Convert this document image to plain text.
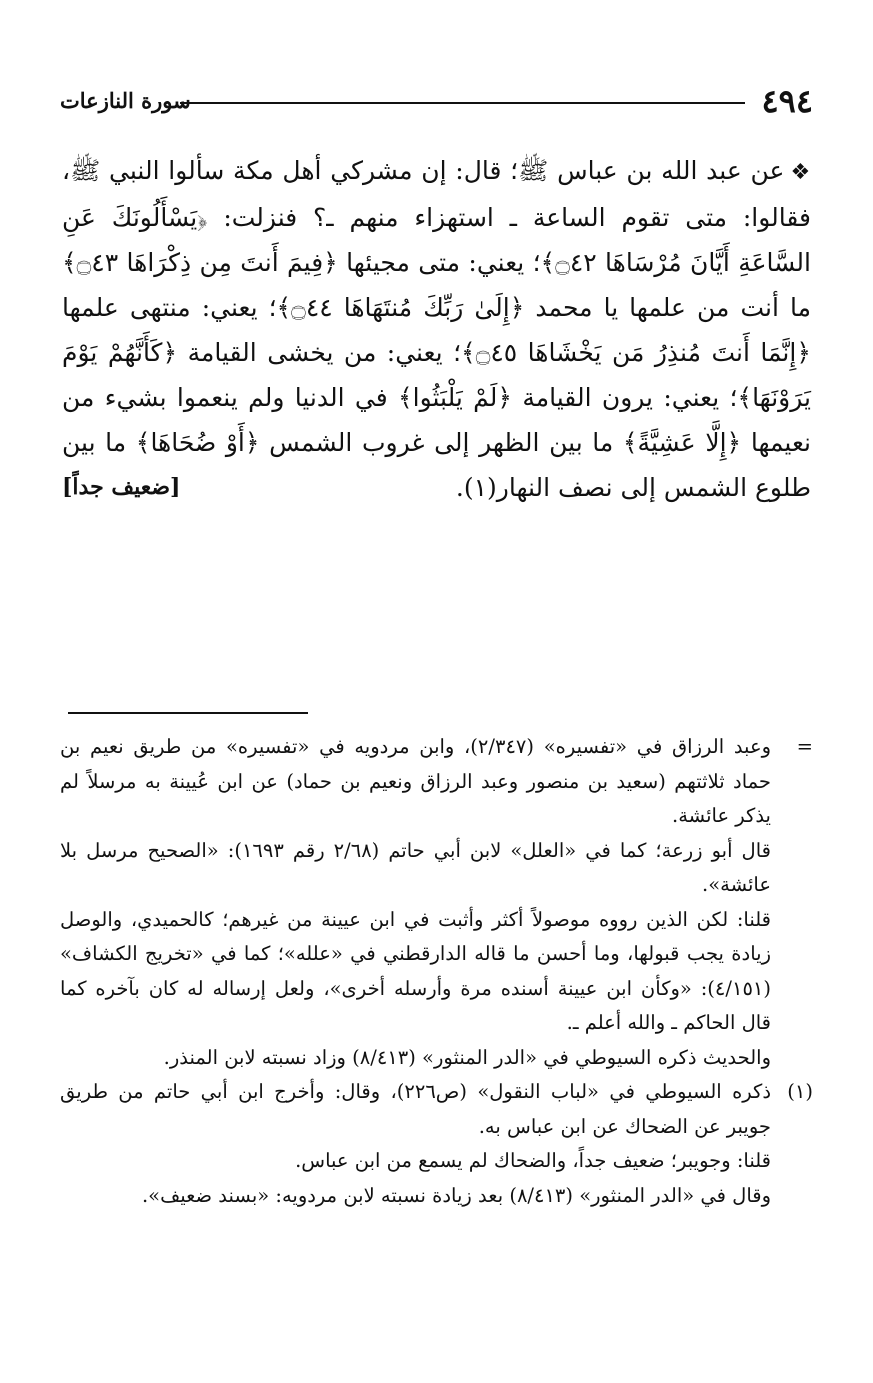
٤٩٤
سورة النازعات
❖عن عبد الله بن عباس ﷺ؛ قال: إن مشركي أهل مكة سألوا النبي ﷺ، فقالوا: متى تقوم الساعة ـ استهزاء منهم ـ؟ فنزلت: ﴿يَسْأَلُونَكَ عَنِ السَّاعَةِ أَيَّانَ مُرْسَاهَا ۝٤٢﴾؛ يعني: متى مجيئها ﴿فِيمَ أَنتَ مِن ذِكْرَاهَا ۝٤٣﴾ ما أنت من علمها يا محمد ﴿إِلَىٰ رَبِّكَ مُنتَهَاهَا ۝٤٤﴾؛ يعني: منتهى علمها ﴿إِنَّمَا أَنتَ مُنذِرُ مَن يَخْشَاهَا ۝٤٥﴾؛ يعني: من يخشى القيامة ﴿كَأَنَّهُمْ يَوْمَ يَرَوْنَهَا﴾؛ يعني: يرون القيامة ﴿لَمْ يَلْبَثُوا﴾ في الدنيا ولم ينعموا بشيء من نعيمها ﴿إِلَّا عَشِيَّةً﴾ ما بين الظهر إلى غروب الشمس ﴿أَوْ ضُحَاهَا﴾ ما بين طلوع الشمس إلى نصف النهار(١).
[ضعيف جداً]
=

وعبد الرزاق في «تفسيره» (٢/٣٤٧)، وابن مردويه في «تفسيره» من طريق نعيم بن حماد ثلاثتهم (سعيد بن منصور وعبد الرزاق ونعيم بن حماد) عن ابن عُيينة به مرسلاً لم يذكر عائشة.

قال أبو زرعة؛ كما في «العلل» لابن أبي حاتم (٢/٦٨ رقم ١٦٩٣): «الصحيح مرسل بلا عائشة».

قلنا: لكن الذين رووه موصولاً أكثر وأثبت في ابن عيينة من غيرهم؛ كالحميدي، والوصل زيادة يجب قبولها، وما أحسن ما قاله الدارقطني في «علله»؛ كما في «تخريج الكشاف» (٤/١٥١): «وكأن ابن عيينة أسنده مرة وأرسله أخرى»، ولعل إرساله له كان بآخره كما قال الحاكم ـ والله أعلم ـ.

والحديث ذكره السيوطي في «الدر المنثور» (٨/٤١٣) وزاد نسبته لابن المنذر.

(١)

ذكره السيوطي في «لباب النقول» (ص٢٢٦)، وقال: وأخرج ابن أبي حاتم من طريق جويبر عن الضحاك عن ابن عباس به.

قلنا: وجويبر؛ ضعيف جداً، والضحاك لم يسمع من ابن عباس.

وقال في «الدر المنثور» (٨/٤١٣) بعد زيادة نسبته لابن مردويه: «بسند ضعيف».
